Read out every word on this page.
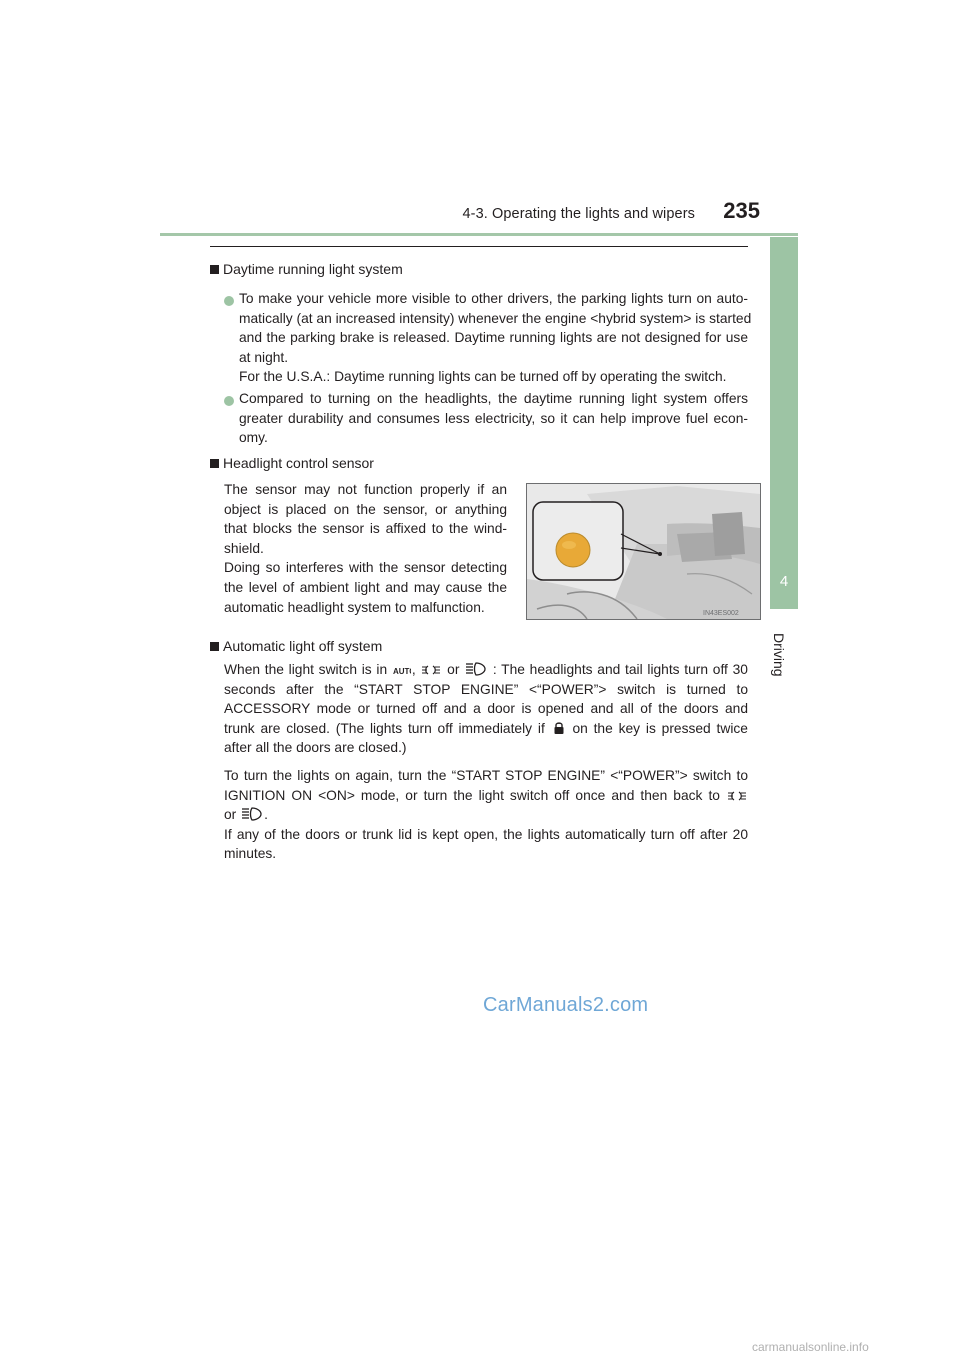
4-3. Operating the lights and wipers	235
4
Driving
Daytime running light system
To make your vehicle more visible to other drivers, the parking lights turn on auto-
matically (at an increased intensity) whenever the engine <hybrid system> is started
and the parking brake is released. Daytime running lights are not designed for use
at night.
For the U.S.A.: Daytime running lights can be turned off by operating the switch.
Compared to turning on the headlights, the daytime running light system offers
greater durability and consumes less electricity, so it can help improve fuel econ-
omy.
Headlight control sensor
The sensor may not function properly if an
object is placed on the sensor, or anything
that blocks the sensor is affixed to the wind-
shield.
Doing so interferes with the sensor detecting
the level of ambient light and may cause the
automatic headlight system to malfunction.	IN43ES002
Automatic light off system
When the light switch is in AUT , or : The headlights and tail lights turn off 30
seconds after the “START STOP ENGINE” <“POWER”> switch is turned to
ACCESSORY mode or turned off and a door is opened and all of the doors and
trunk are closed. (The lights turn off immediately if on the key is pressed twice
after all the doors are closed.)
To turn the lights on again, turn the “START STOP ENGINE” <“POWER”> switch to
IGNITION ON <ON> mode, or turn the light switch off once and then back to
or .
If any of the doors or trunk lid is kept open, the lights automatically turn off after 20
minutes.
CarManuals2.com
carmanualsonline.info
